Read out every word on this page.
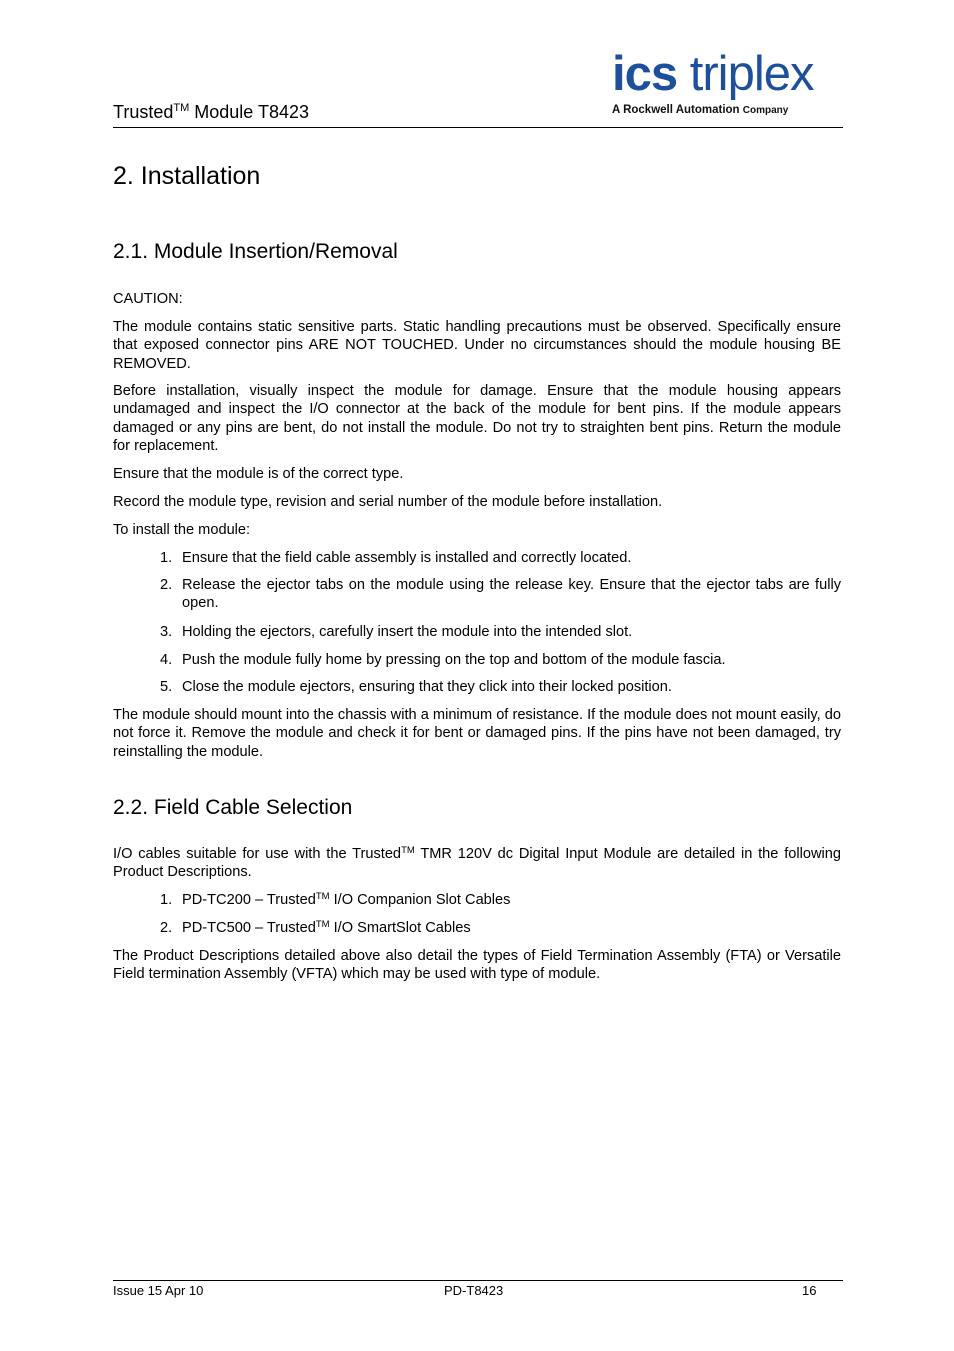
Trusted™ Module T8423
ics triplex
A Rockwell Automation Company
2. Installation
2.1. Module Insertion/Removal

CAUTION:

The module contains static sensitive parts. Static handling precautions must be observed. Specifically ensure that exposed connector pins ARE NOT TOUCHED. Under no circumstances should the module housing BE REMOVED.

Before installation, visually inspect the module for damage. Ensure that the module housing appears undamaged and inspect the I/O connector at the back of the module for bent pins. If the module appears damaged or any pins are bent, do not install the module. Do not try to straighten bent pins. Return the module for replacement.

Ensure that the module is of the correct type.

Record the module type, revision and serial number of the module before installation.

To install the module:

1. Ensure that the field cable assembly is installed and correctly located.
2. Release the ejector tabs on the module using the release key. Ensure that the ejector tabs are fully open.
3. Holding the ejectors, carefully insert the module into the intended slot.
4. Push the module fully home by pressing on the top and bottom of the module fascia.
5. Close the module ejectors, ensuring that they click into their locked position.

The module should mount into the chassis with a minimum of resistance. If the module does not mount easily, do not force it. Remove the module and check it for bent or damaged pins. If the pins have not been damaged, try reinstalling the module.

2.2. Field Cable Selection

I/O cables suitable for use with the Trusted™ TMR 120V dc Digital Input Module are detailed in the following Product Descriptions.

1. PD-TC200 – Trusted™ I/O Companion Slot Cables
2. PD-TC500 – Trusted™ I/O SmartSlot Cables

The Product Descriptions detailed above also detail the types of Field Termination Assembly (FTA) or Versatile Field termination Assembly (VFTA) which may be used with type of module.

Issue 15 Apr 10	PD-T8423	16
